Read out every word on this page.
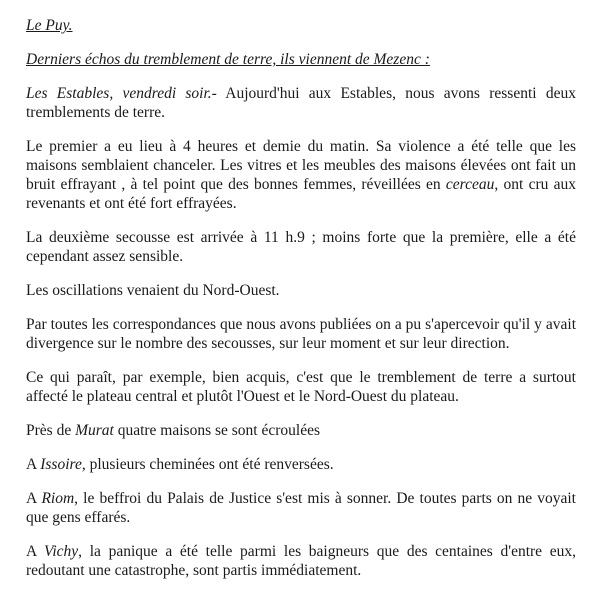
Le Puy.

Derniers échos du tremblement de terre, ils viennent de Mezenc :

Les Estables, vendredi soir.- Aujourd'hui aux Estables, nous avons ressenti deux tremblements de terre.

Le premier a eu lieu à 4 heures et demie du matin. Sa violence a été telle que les maisons semblaient chanceler. Les vitres et les meubles des maisons élevées ont fait un bruit effrayant , à tel point que des bonnes femmes, réveillées en cerceau, ont cru aux revenants et ont été fort effrayées.

La deuxième secousse est arrivée à 11 h.9 ; moins forte que la première, elle a été cependant assez sensible.

Les oscillations venaient du Nord-Ouest.

Par toutes les correspondances que nous avons publiées on a pu s'apercevoir qu'il y avait divergence sur le nombre des secousses, sur leur moment et sur leur direction.

Ce qui paraît, par exemple, bien acquis, c'est que le tremblement de terre a surtout affecté le plateau central et plutôt l'Ouest et le Nord-Ouest du plateau.

Près de Murat quatre maisons se sont écroulées

A Issoire, plusieurs cheminées ont été renversées.

A Riom, le beffroi du Palais de Justice s'est mis à sonner. De toutes parts on ne voyait que gens effarés.

A Vichy, la panique a été telle parmi les baigneurs que des centaines d'entre eux, redoutant une catastrophe, sont partis immédiatement.
